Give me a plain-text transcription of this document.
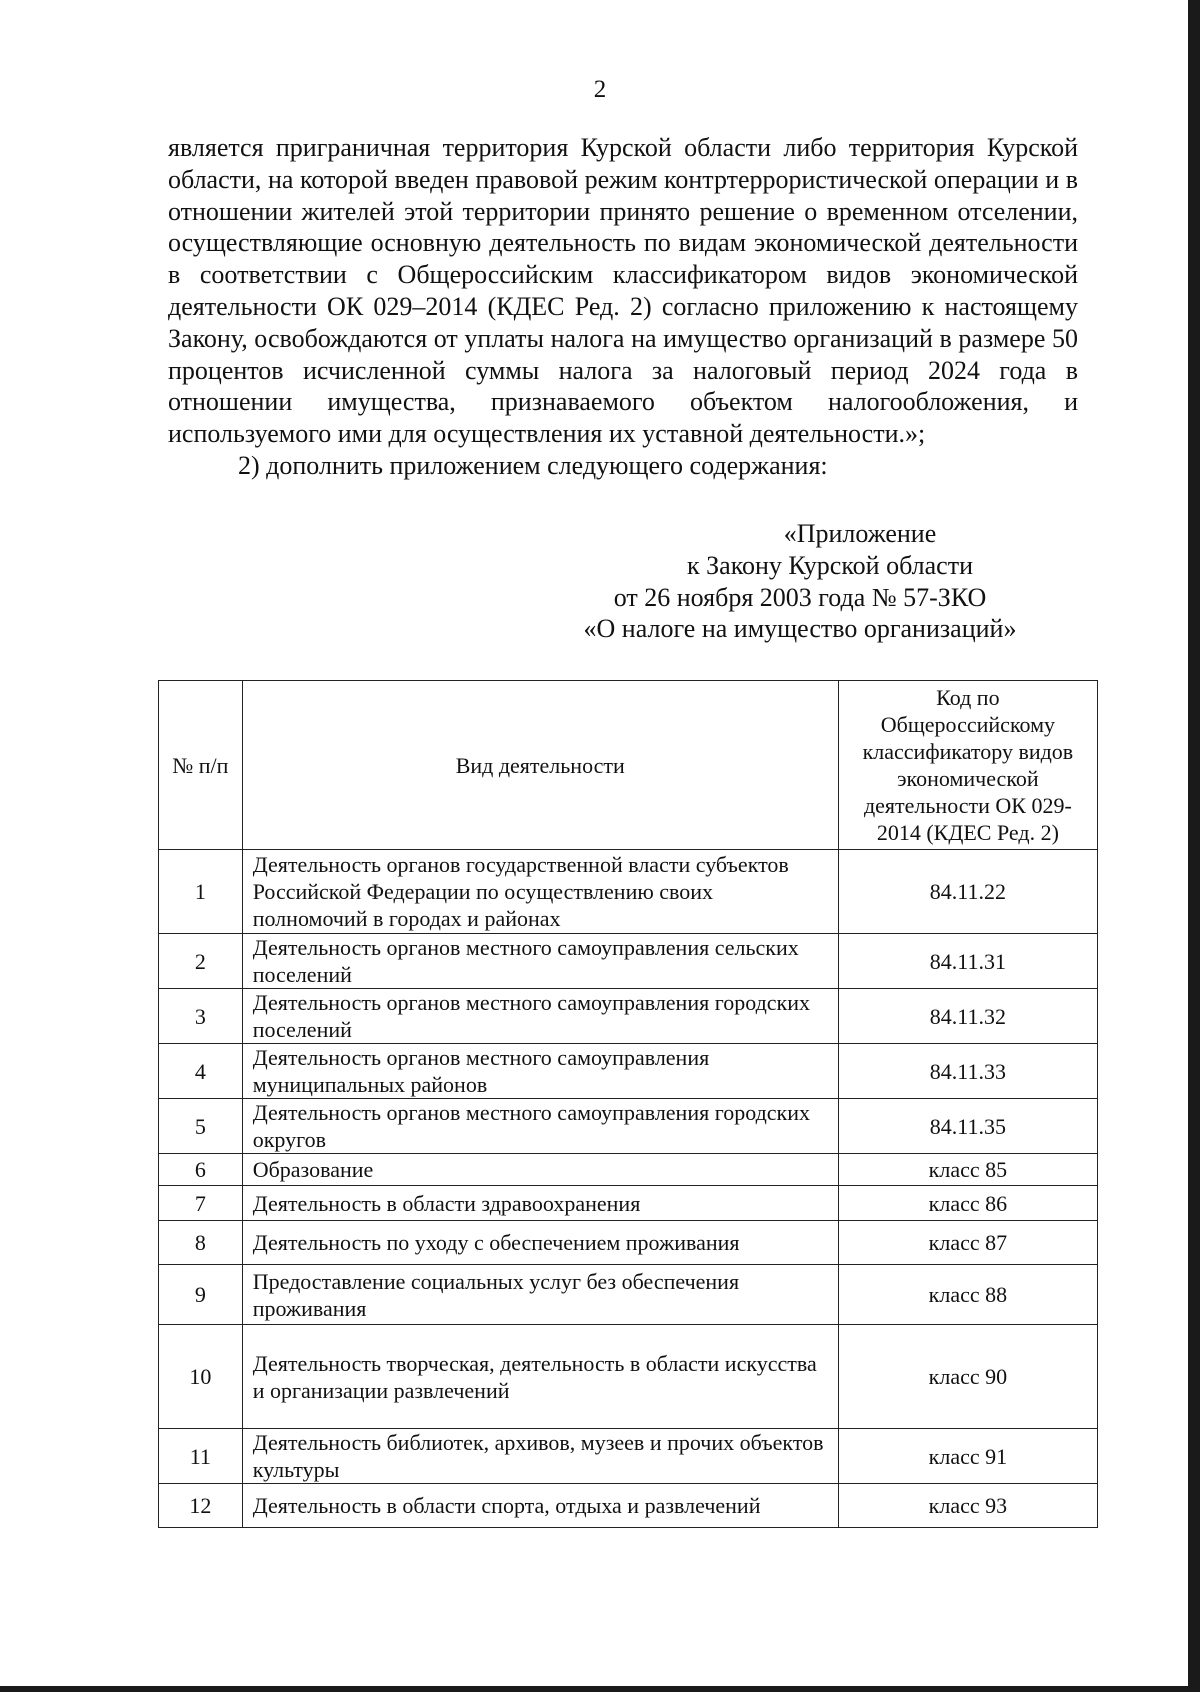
2

является приграничная территория Курской области либо территория Курской области, на которой введен правовой режим контртеррористической операции и в отношении жителей этой территории принято решение о временном отселении, осуществляющие основную деятельность по видам экономической деятельности в соответствии с Общероссийским классификатором видов экономической деятельности ОК 029–2014 (КДЕС Ред. 2) согласно приложению к настоящему Закону, освобождаются от уплаты налога на имущество организаций в размере 50 процентов исчисленной суммы налога за налоговый период 2024 года в отношении имущества, признаваемого объектом налогообложения, и используемого ими для осуществления их уставной деятельности.»;

2) дополнить приложением следующего содержания:

«Приложение
к Закону Курской области
от 26 ноября 2003 года № 57-ЗКО
«О налоге на имущество организаций»
№ п/п	Вид деятельности	Код по Общероссийскому классификатору видов экономической деятельности ОК 029-2014 (КДЕС Ред. 2)
1	Деятельность органов государственной власти субъектов Российской Федерации по осуществлению своих полномочий в городах и районах	84.11.22
2	Деятельность органов местного самоуправления сельских поселений	84.11.31
3	Деятельность органов местного самоуправления городских поселений	84.11.32
4	Деятельность органов местного самоуправления муниципальных районов	84.11.33
5	Деятельность органов местного самоуправления городских округов	84.11.35
6	Образование	класс 85
7	Деятельность в области здравоохранения	класс 86
8	Деятельность по уходу с обеспечением проживания	класс 87
9	Предоставление социальных услуг без обеспечения проживания	класс 88
10	Деятельность творческая, деятельность в области искусства и организации развлечений	класс 90
11	Деятельность библиотек, архивов, музеев и прочих объектов культуры	класс 91
12	Деятельность в области спорта, отдыха и развлечений	класс 93
